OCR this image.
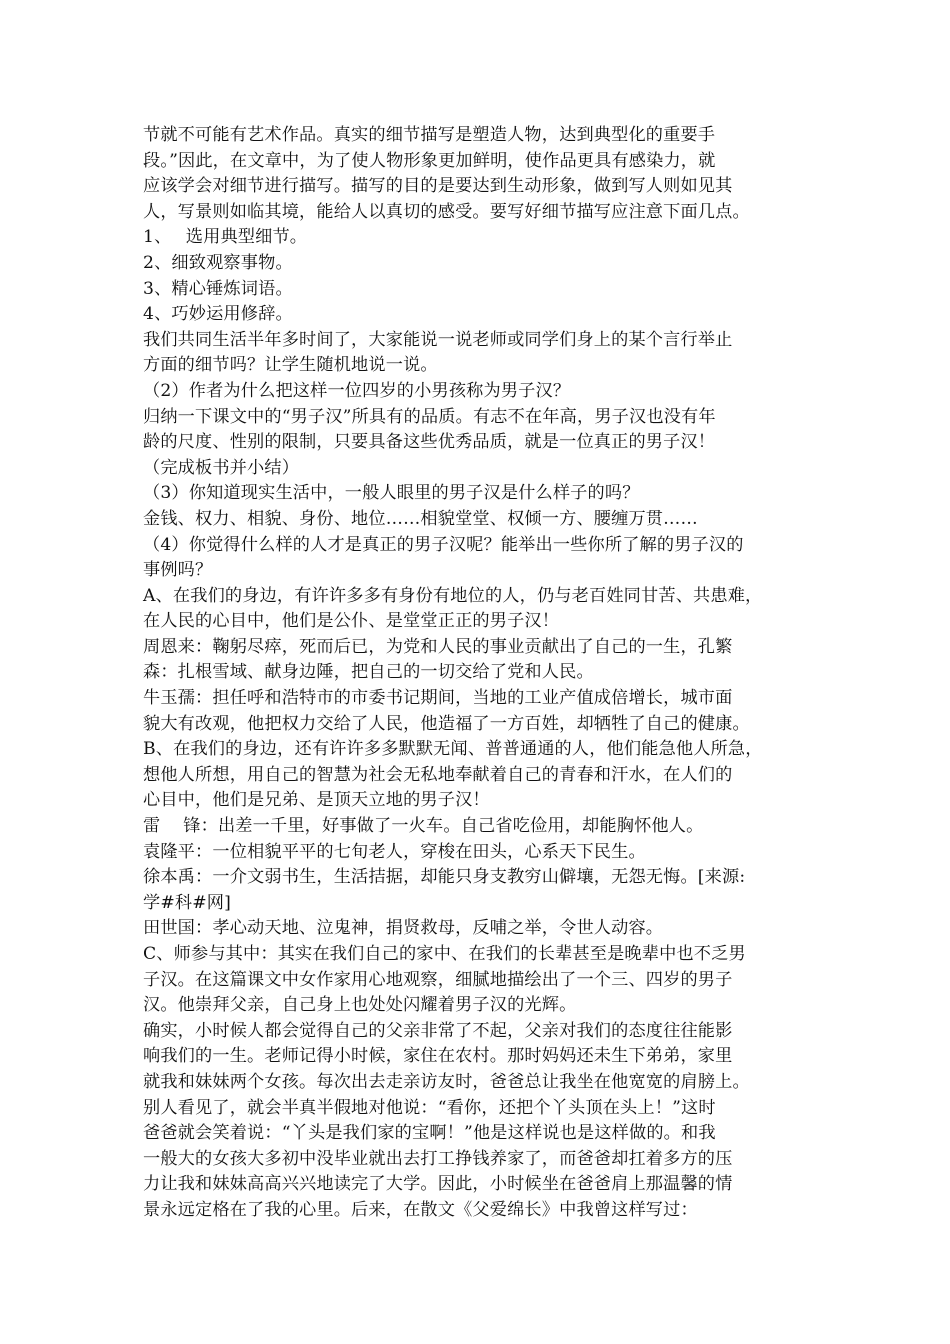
节就不可能有艺术作品。真实的细节描写是塑造人物，达到典型化的重要手
段。”因此，在文章中，为了使人物形象更加鲜明，使作品更具有感染力，就
应该学会对细节进行描写。描写的目的是要达到生动形象，做到写人则如见其
人，写景则如临其境，能给人以真切的感受。要写好细节描写应注意下面几点。
1、　 选用典型细节。
2、细致观察事物。
3、精心锤炼词语。
4、巧妙运用修辞。
我们共同生活半年多时间了，大家能说一说老师或同学们身上的某个言行举止
方面的细节吗？让学生随机地说一说。
（2）作者为什么把这样一位四岁的小男孩称为男子汉？
归纳一下课文中的“男子汉”所具有的品质。有志不在年高，男子汉也没有年
龄的尺度、性别的限制，只要具备这些优秀品质，就是一位真正的男子汉！
（完成板书并小结）
（3）你知道现实生活中，一般人眼里的男子汉是什么样子的吗？
金钱、权力、相貌、身份、地位……相貌堂堂、权倾一方、腰缠万贯……
（4）你觉得什么样的人才是真正的男子汉呢？能举出一些你所了解的男子汉的
事例吗？
A、在我们的身边，有许许多多有身份有地位的人，仍与老百姓同甘苦、共患难，
在人民的心目中，他们是公仆、是堂堂正正的男子汉！
周恩来：鞠躬尽瘁，死而后已，为党和人民的事业贡献出了自己的一生，孔繁
森：扎根雪域、献身边陲，把自己的一切交给了党和人民。
牛玉孺：担任呼和浩特市的市委书记期间，当地的工业产值成倍增长，城市面
貌大有改观，他把权力交给了人民，他造福了一方百姓，却牺牲了自己的健康。
B、在我们的身边，还有许许多多默默无闻、普普通通的人，他们能急他人所急，
想他人所想，用自己的智慧为社会无私地奉献着自己的青春和汗水，在人们的
心目中，他们是兄弟、是顶天立地的男子汉！
雷　 锋：出差一千里，好事做了一火车。自己省吃俭用，却能胸怀他人。
袁隆平：一位相貌平平的七旬老人，穿梭在田头，心系天下民生。
徐本禹：一介文弱书生，生活拮据，却能只身支教穷山僻壤，无怨无悔。[来源:
学#科#网]
田世国：孝心动天地、泣鬼神，捐贤救母，反哺之举，令世人动容。
C、师参与其中：其实在我们自己的家中、在我们的长辈甚至是晚辈中也不乏男
子汉。在这篇课文中女作家用心地观察，细腻地描绘出了一个三、四岁的男子
汉。他崇拜父亲，自己身上也处处闪耀着男子汉的光辉。
确实，小时候人都会觉得自己的父亲非常了不起，父亲对我们的态度往往能影
响我们的一生。老师记得小时候，家住在农村。那时妈妈还未生下弟弟，家里
就我和妹妹两个女孩。每次出去走亲访友时，爸爸总让我坐在他宽宽的肩膀上。
别人看见了，就会半真半假地对他说：“看你，还把个丫头顶在头上！”这时
爸爸就会笑着说：“丫头是我们家的宝啊！”他是这样说也是这样做的。和我
一般大的女孩大多初中没毕业就出去打工挣钱养家了，而爸爸却扛着多方的压
力让我和妹妹高高兴兴地读完了大学。因此，小时候坐在爸爸肩上那温馨的情
景永远定格在了我的心里。后来，在散文《父爱绵长》中我曾这样写过：
